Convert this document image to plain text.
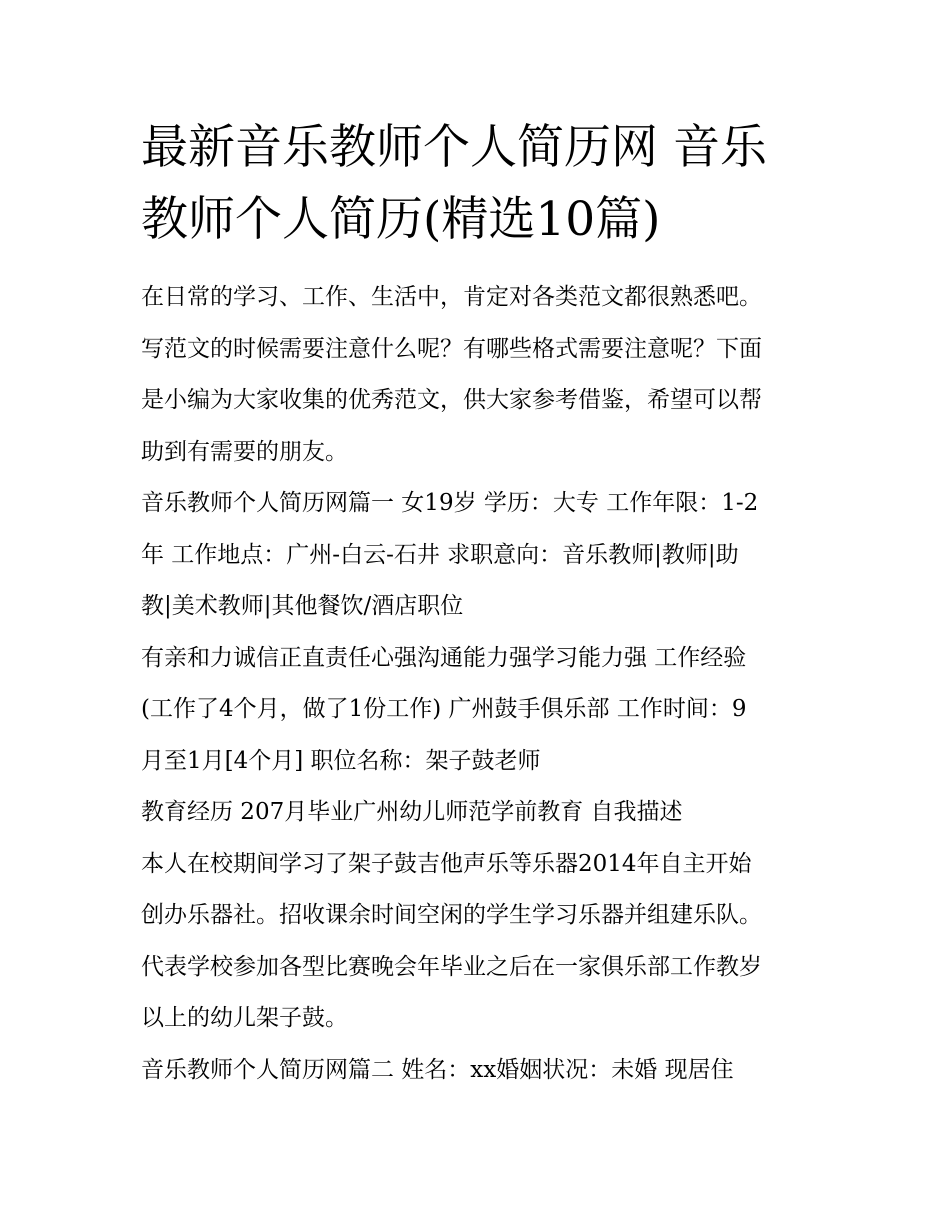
最新音乐教师个人简历网 音乐
教师个人简历(精选10篇)

在日常的学习、工作、生活中，肯定对各类范文都很熟悉吧。
写范文的时候需要注意什么呢？有哪些格式需要注意呢？下面
是小编为大家收集的优秀范文，供大家参考借鉴，希望可以帮
助到有需要的朋友。

音乐教师个人简历网篇一 女19岁 学历：大专 工作年限：1-2
年 工作地点：广州-白云-石井 求职意向：音乐教师|教师|助
教|美术教师|其他餐饮/酒店职位

有亲和力诚信正直责任心强沟通能力强学习能力强 工作经验
(工作了4个月，做了1份工作) 广州鼓手俱乐部 工作时间：9
月至1月[4个月] 职位名称：架子鼓老师

教育经历 207月毕业广州幼儿师范学前教育 自我描述

本人在校期间学习了架子鼓吉他声乐等乐器2014年自主开始
创办乐器社。招收课余时间空闲的学生学习乐器并组建乐队。
代表学校参加各型比赛晚会年毕业之后在一家俱乐部工作教岁
以上的幼儿架子鼓。

音乐教师个人简历网篇二 姓名：xx婚姻状况：未婚 现居住
